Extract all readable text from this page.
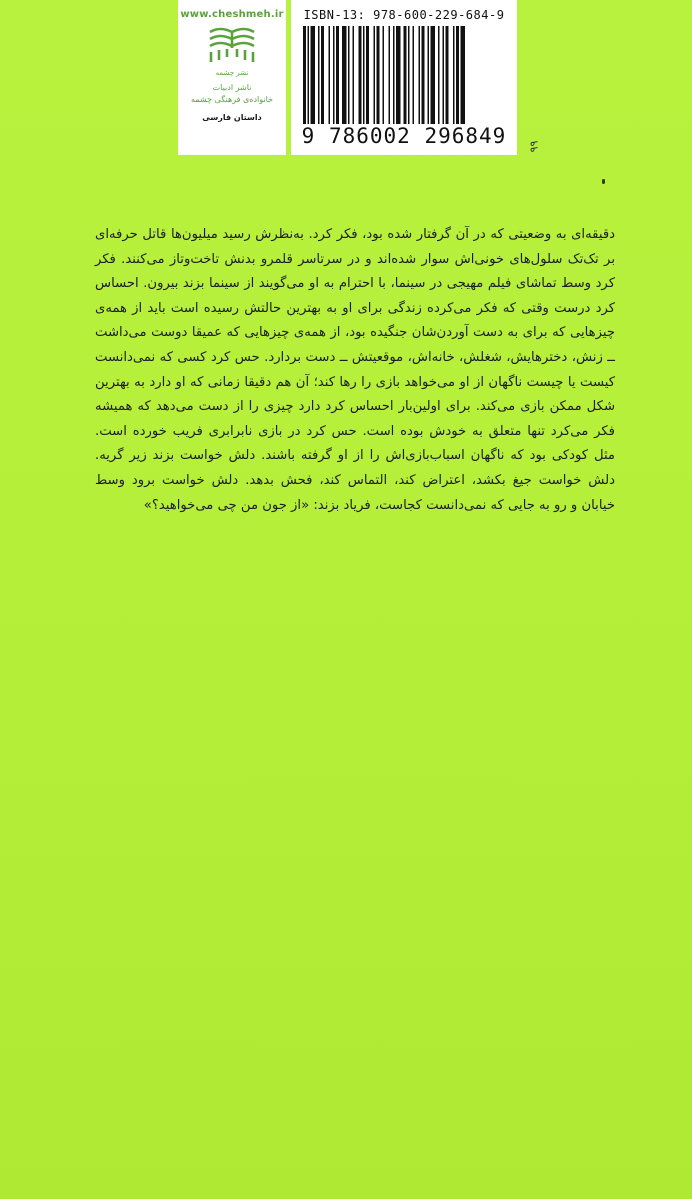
www.cheshmeh.ir
نشر چشمه
ناشر ادبیات
خانواده‌ی فرهنگی چشمه
داستان فارسی
ISBN-13: 978-600-229-684-9
9 786002 296849	٩٩

دقیقه‌ای به وضعیتی که در آن گرفتار شده بود، فکر کرد. به‌نظرش رسید میلیون‌ها قاتل حرفه‌ای بر تک‌تک سلول‌های خونی‌اش سوار شده‌اند و در سرتاسر قلمرو بدنش تاخت‌وتاز می‌کنند. فکر کرد وسط تماشای فیلم مهیجی در سینما، با احترام به او می‌گویند از سینما بزند بیرون. احساس کرد درست وقتی که فکر می‌کرده زندگی برای او به بهترین حالتش رسیده است باید از همه‌ی چیزهایی که برای به دست آوردن‌شان جنگیده بود، از همه‌ی چیزهایی که عمیقا دوست می‌داشت ــ زنش، دخترهایش، شغلش، خانه‌اش، موقعیتش ــ دست بردارد. حس کرد کسی که نمی‌دانست کیست یا چیست ناگهان از او می‌خواهد بازی را رها کند؛ آن هم دقیقا زمانی که او دارد به بهترین شکل ممکن بازی می‌کند. برای اولین‌بار احساس کرد دارد چیزی را از دست می‌دهد که همیشه فکر می‌کرد تنها متعلق به خودش بوده است. حس کرد در بازی نابرابری فریب خورده است. مثل کودکی بود که ناگهان اسباب‌بازی‌اش را از او گرفته باشند. دلش خواست بزند زیر گریه. دلش خواست جیغ بکشد، اعتراض کند، التماس کند، فحش بدهد. دلش خواست برود وسط خیابان و رو به جایی که نمی‌دانست کجاست، فریاد بزند: «از جون من چی می‌خواهید؟»
